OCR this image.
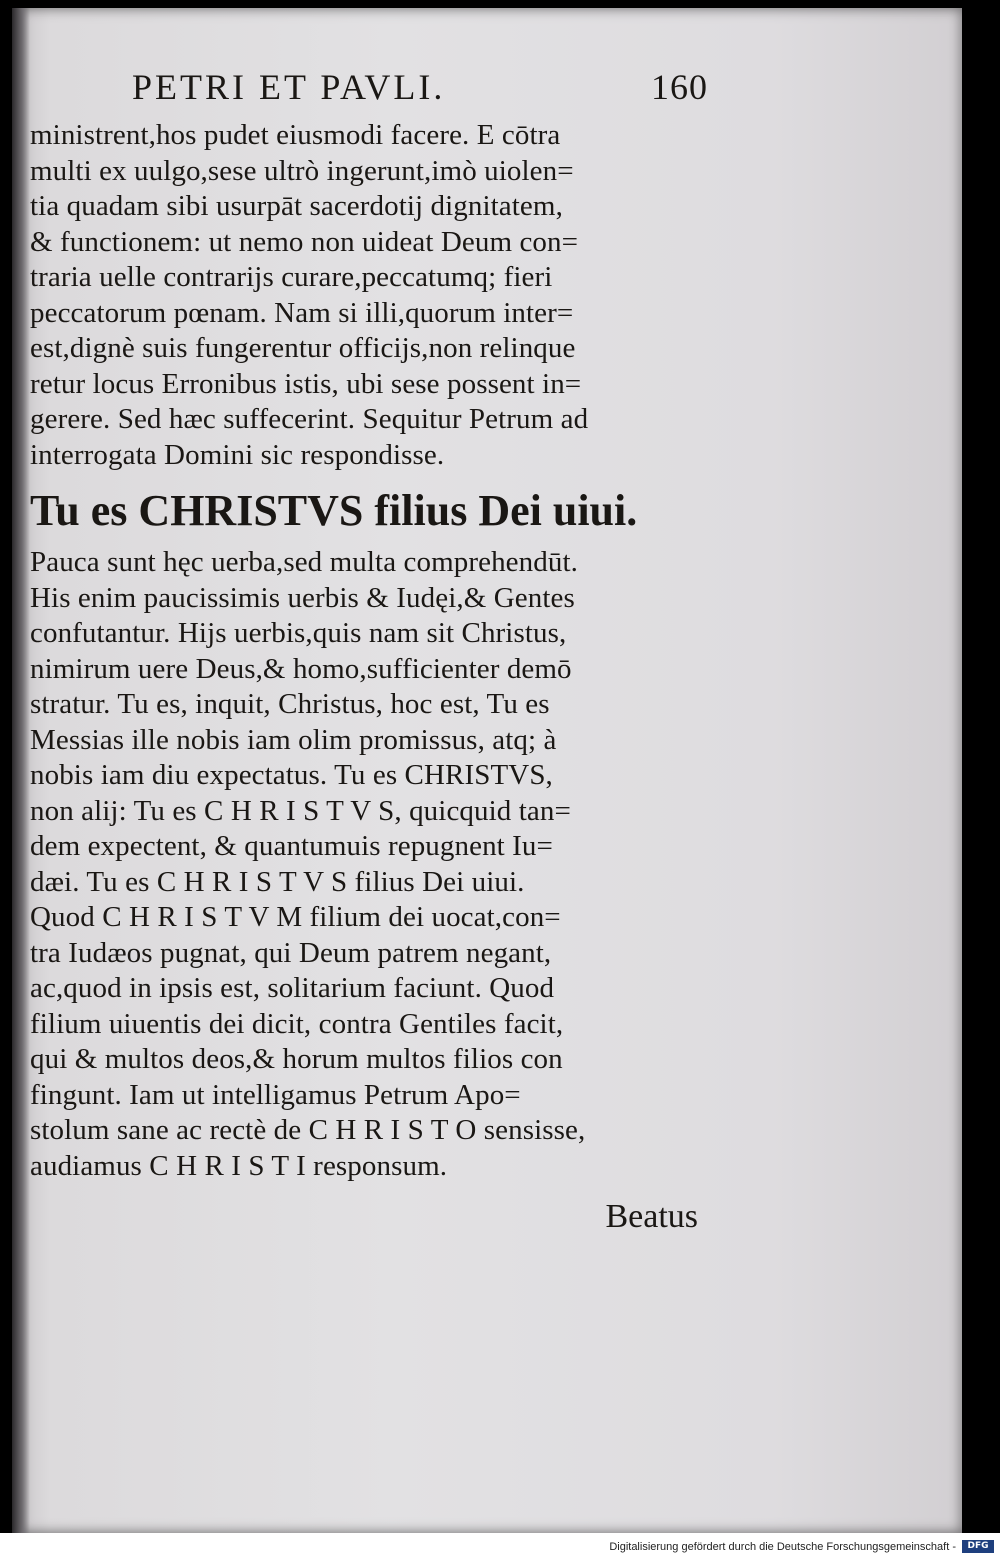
PETRI ET PAVLI.	160
ministrent,hos pudet eiusmodi facere. E cōtra
multi ex uulgo,sese ultrò ingerunt,imò uiolen=
tia quadam sibi usurpāt sacerdotij dignitatem,
& functionem: ut nemo non uideat Deum con=
traria uelle contrarijs curare,peccatumq; fieri
peccatorum pœnam. Nam si illi,quorum inter=
est,dignè suis fungerentur officijs,non relinque
retur locus Erronibus istis, ubi sese possent in=
gerere. Sed hæc suffecerint. Sequitur Petrum ad
interrogata Domini sic respondisse.
Tu es CHRISTVS filius Dei uiui.
Pauca sunt hęc uerba,sed multa comprehendūt.
His enim paucissimis uerbis & Iudęi,& Gentes
confutantur. Hijs uerbis,quis nam sit Christus,
nimirum uere Deus,& homo,sufficienter demō
stratur. Tu es, inquit, Christus, hoc est, Tu es
Messias ille nobis iam olim promissus, atq; à
nobis iam diu expectatus. Tu es CHRISTVS,
non alij: Tu es C H R I S T V S, quicquid tan=
dem expectent, & quantumuis repugnent Iu=
dæi. Tu es C H R I S T V S filius Dei uiui.
Quod C H R I S T V M filium dei uocat,con=
tra Iudæos pugnat, qui Deum patrem negant,
ac,quod in ipsis est, solitarium faciunt. Quod
filium uiuentis dei dicit, contra Gentiles facit,
qui & multos deos,& horum multos filios con
fingunt. Iam ut intelligamus Petrum Apo=
stolum sane ac rectè de C H R I S T O sensisse,
audiamus C H R I S T I responsum.
Beatus
Digitalisierung gefördert durch die Deutsche Forschungsgemeinschaft -	DFG
